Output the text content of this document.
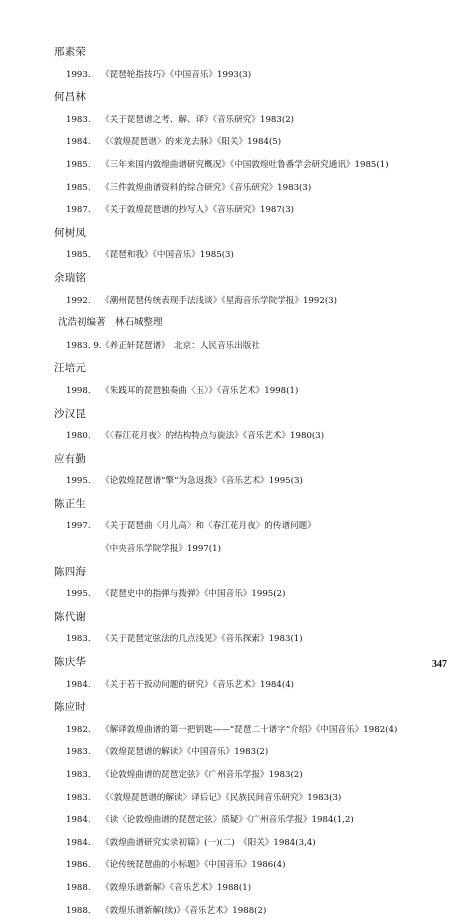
邢素荣
1993. 《琵琶轮指技巧》《中国音乐》1993(3)
何昌林
1983. 《关于琵琶谱之考、解、译》《音乐研究》1983(2)
1984. 《〈敦煌琵琶谱〉的来龙去脉》《阳关》1984(5)
1985. 《三年来国内敦煌曲谱研究概况》《中国敦煌吐鲁番学会研究通讯》1985(1)
1985. 《三件敦煌曲谱资料的综合研究》《音乐研究》1983(3)
1987. 《关于敦煌琵琶谱的抄写人》《音乐研究》1987(3)
何树凤
1985. 《琵琶和我》《中国音乐》1985(3)
余瑞铭
1992. 《潮州琵琶传统表现手法浅谈》《星海音乐学院学报》1992(3)
沈浩初编著　林石城整理
1983. 9.《养正轩琵琶谱》　北京：人民音乐出版社
汪培元
1998. 《朱践耳的琵琶独奏曲〈玉〉》《音乐艺术》1998(1)
沙汉昆
1980. 《〈春江花月夜〉的结构特点与旋法》《音乐艺术》1980(3)
应有勤
1995. 《论敦煌琵琶谱“擎”为急返拨》《音乐艺术》1995(3)
陈正生
1997. 《关于琵琶曲〈月儿高〉和〈春江花月夜〉的传谱问题》
《中央音乐学院学报》1997(1)
陈四海
1995. 《琵琶史中的指弹与拨弹》《中国音乐》1995(2)
陈代谢
1983. 《关于琵琶定弦法的几点浅见》《音乐探索》1983(1)
陈庆华
1984. 《关于若干扳动问题的研究》《音乐艺术》1984(4)
陈应时
1982. 《解译敦煌曲谱的第一把钥匙——“琵琶二十谱字”介绍》《中国音乐》1982(4)
1983. 《敦煌琵琶谱的解读》《中国音乐》1983(2)
1983. 《论敦煌曲谱的琵琶定弦》《广州音乐学报》1983(2)
1983. 《〈敦煌琵琶谱的解读〉译后记》《民族民间音乐研究》1983(3)
1984. 《读〈论敦煌曲谱的琵琶定弦〉质疑》《广州音乐学报》1984(1,2)
1984. 《敦煌曲谱研究实录初篇》(一)(二)　《阳关》1984(3,4)
1986. 《论传统琵琶曲的小标题》《中国音乐》1986(4)
1988. 《敦煌乐谱新解》《音乐艺术》1988(1)
1988. 《敦煌乐谱新解(续)》《音乐艺术》1988(2)
347
